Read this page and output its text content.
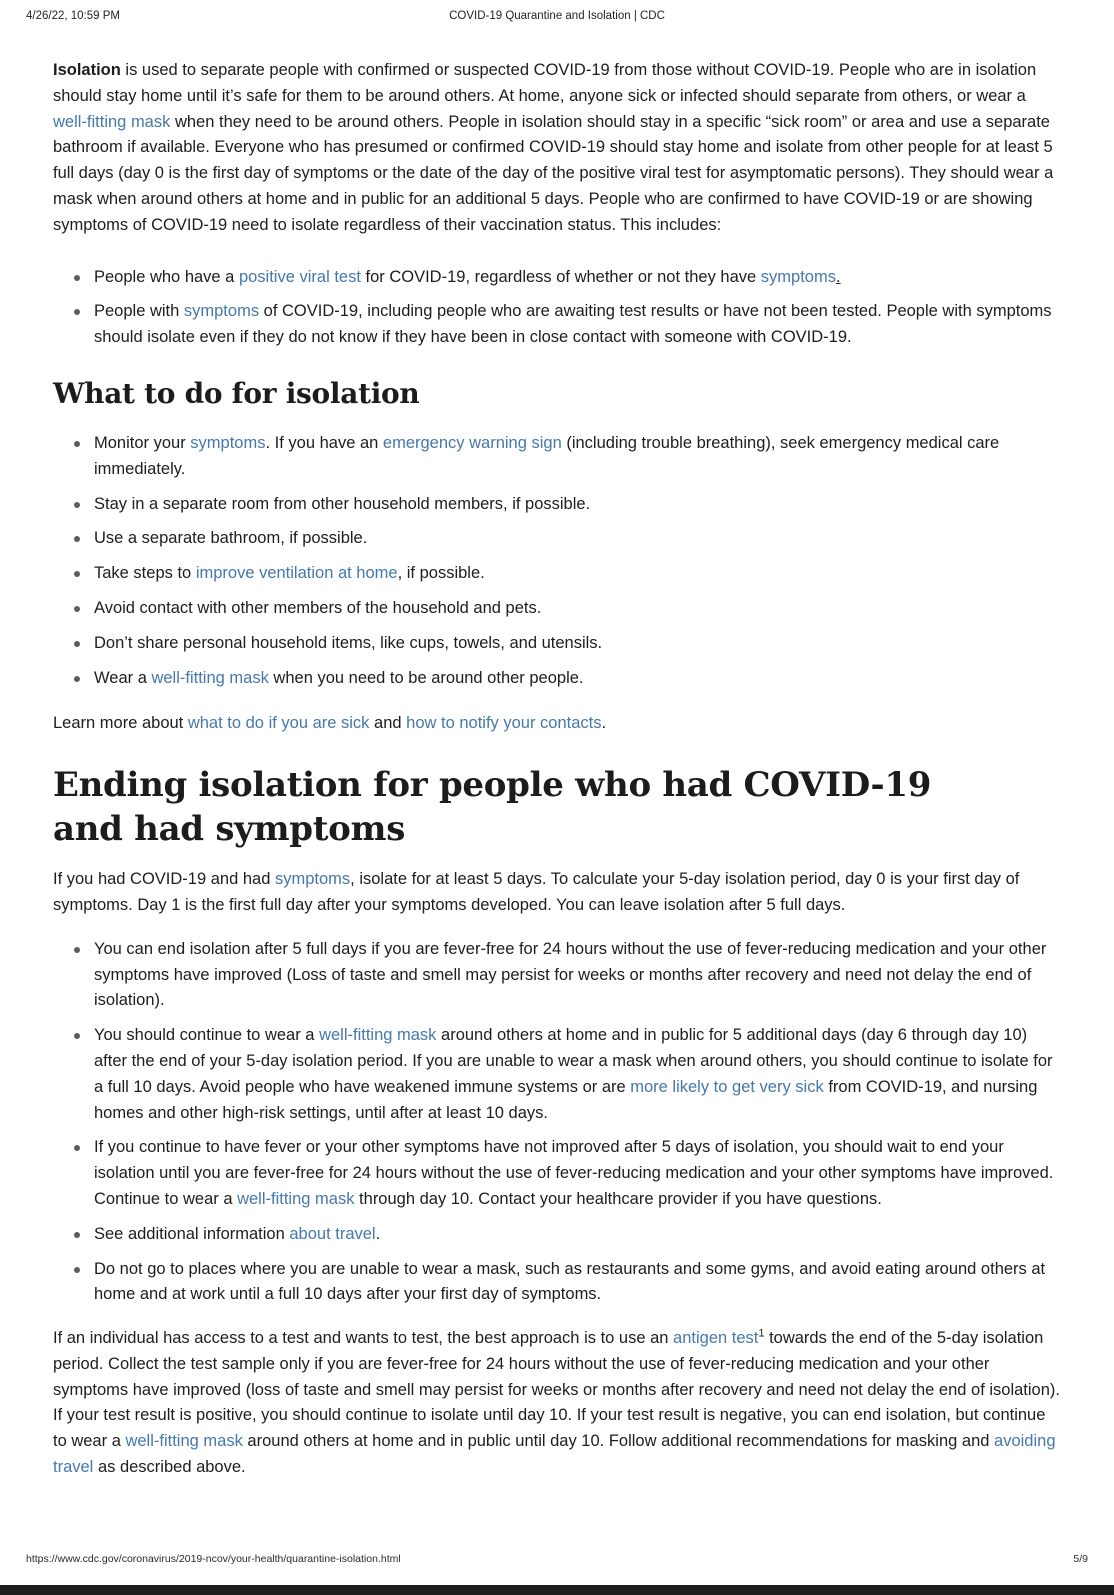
4/26/22, 10:59 PM	COVID-19 Quarantine and Isolation | CDC

Isolation is used to separate people with confirmed or suspected COVID-19 from those without COVID-19. People who are in isolation should stay home until it’s safe for them to be around others. At home, anyone sick or infected should separate from others, or wear a well-fitting mask when they need to be around others. People in isolation should stay in a specific “sick room” or area and use a separate bathroom if available. Everyone who has presumed or confirmed COVID-19 should stay home and isolate from other people for at least 5 full days (day 0 is the first day of symptoms or the date of the day of the positive viral test for asymptomatic persons). They should wear a mask when around others at home and in public for an additional 5 days. People who are confirmed to have COVID-19 or are showing symptoms of COVID-19 need to isolate regardless of their vaccination status. This includes:

People who have a positive viral test for COVID-19, regardless of whether or not they have symptoms.
People with symptoms of COVID-19, including people who are awaiting test results or have not been tested. People with symptoms should isolate even if they do not know if they have been in close contact with someone with COVID-19.
What to do for isolation
Monitor your symptoms. If you have an emergency warning sign (including trouble breathing), seek emergency medical care immediately.
Stay in a separate room from other household members, if possible.
Use a separate bathroom, if possible.
Take steps to improve ventilation at home, if possible.
Avoid contact with other members of the household and pets.
Don’t share personal household items, like cups, towels, and utensils.
Wear a well-fitting mask when you need to be around other people.

Learn more about what to do if you are sick and how to notify your contacts.

Ending isolation for people who had COVID-19 and had symptoms

If you had COVID-19 and had symptoms, isolate for at least 5 days. To calculate your 5-day isolation period, day 0 is your first day of symptoms. Day 1 is the first full day after your symptoms developed. You can leave isolation after 5 full days.

You can end isolation after 5 full days if you are fever-free for 24 hours without the use of fever-reducing medication and your other symptoms have improved (Loss of taste and smell may persist for weeks or months after recovery and need not delay the end of isolation).
You should continue to wear a well-fitting mask around others at home and in public for 5 additional days (day 6 through day 10) after the end of your 5-day isolation period. If you are unable to wear a mask when around others, you should continue to isolate for a full 10 days. Avoid people who have weakened immune systems or are more likely to get very sick from COVID-19, and nursing homes and other high-risk settings, until after at least 10 days.
If you continue to have fever or your other symptoms have not improved after 5 days of isolation, you should wait to end your isolation until you are fever-free for 24 hours without the use of fever-reducing medication and your other symptoms have improved. Continue to wear a well-fitting mask through day 10. Contact your healthcare provider if you have questions.
See additional information about travel.
Do not go to places where you are unable to wear a mask, such as restaurants and some gyms, and avoid eating around others at home and at work until a full 10 days after your first day of symptoms.

If an individual has access to a test and wants to test, the best approach is to use an antigen test$^1$ towards the end of the 5-day isolation period. Collect the test sample only if you are fever-free for 24 hours without the use of fever-reducing medication and your other symptoms have improved (loss of taste and smell may persist for weeks or months after recovery and need not delay the end of isolation). If your test result is positive, you should continue to isolate until day 10. If your test result is negative, you can end isolation, but continue to wear a well-fitting mask around others at home and in public until day 10. Follow additional recommendations for masking and avoiding travel as described above.

https://www.cdc.gov/coronavirus/2019-ncov/your-health/quarantine-isolation.html	5/9
